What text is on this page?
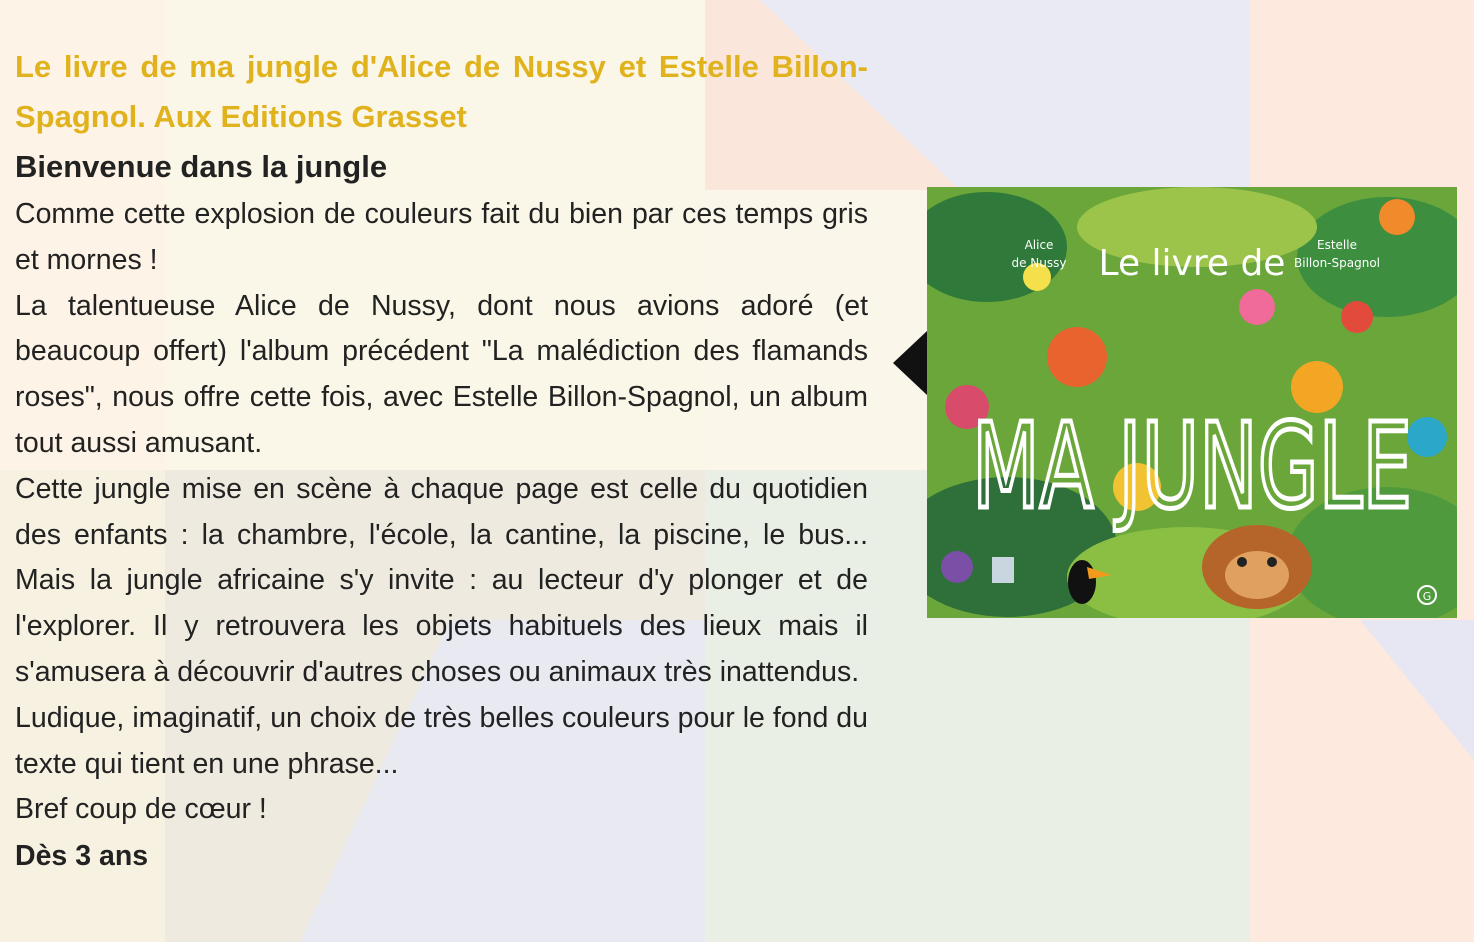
Le livre de ma jungle d'Alice de Nussy et Estelle Billon-Spagnol. Aux Editions Grasset

Bienvenue dans la jungle

Comme cette explosion de couleurs fait du bien par ces temps gris et mornes !

La talentueuse Alice de Nussy, dont nous avions adoré (et beaucoup offert) l'album précédent "La malédiction des flamands roses", nous offre cette fois, avec Estelle Billon-Spagnol, un album tout aussi amusant.

Cette jungle mise en scène à chaque page est celle du quotidien des enfants : la chambre, l'école, la cantine, la piscine, le bus... Mais la jungle africaine s'y invite : au lecteur d'y plonger et de l'explorer. Il y retrouvera les objets habituels des lieux mais il s'amusera à découvrir d'autres choses ou animaux très inattendus.

Ludique, imaginatif, un choix de très belles couleurs pour le fond du texte qui tient en une phrase...

Bref coup de cœur !

Dès 3 ans

Alice
de Nussy Le livre de	Estelle
Billon-Spagnol
MA JUNGLE
G
